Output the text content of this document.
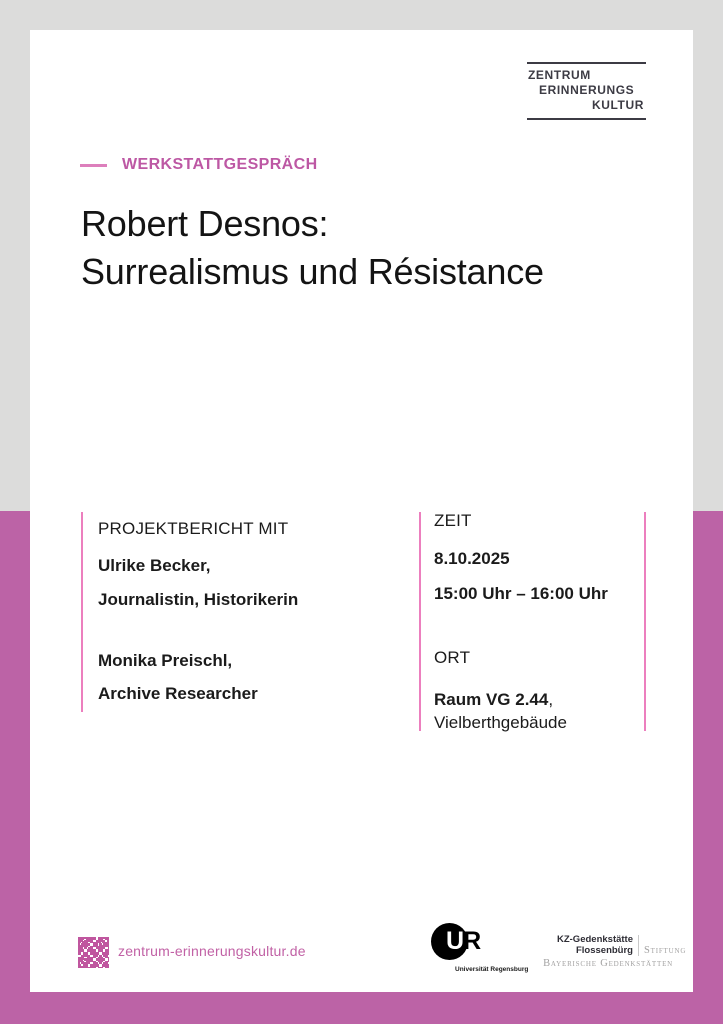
ZENTRUM
ERINNERUNGS
KULTUR
WERKSTATTGESPRÄCH
Robert Desnos:
Surrealismus und Résistance
PROJEKTBERICHT MIT
Ulrike Becker,
Journalistin, Historikerin
Monika Preischl,
Archive Researcher
ZEIT
8.10.2025
15:00 Uhr – 16:00 Uhr
ORT
Raum VG 2.44,
Vielberthgebäude
zentrum-erinnerungskultur.de	UR
Universität Regensburg
KZ-Gedenkstätte
Flossenbürg Stiftung
Bayerische Gedenkstätten
